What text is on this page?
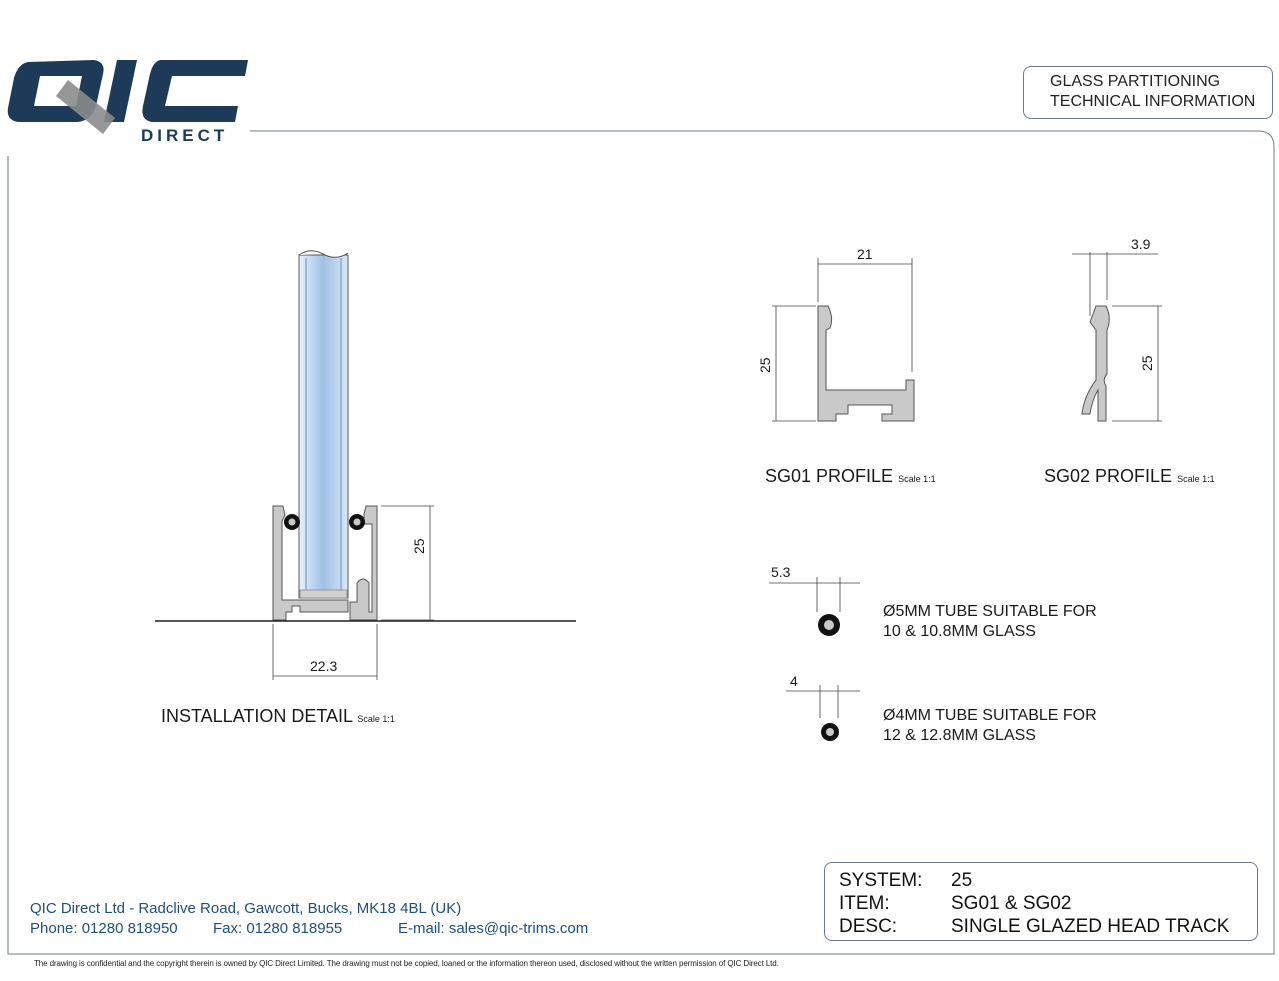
DIRECT
GLASS PARTITIONING
TECHNICAL INFORMATION
25
22.3
INSTALLATION DETAIL Scale 1:1
21
25
SG01 PROFILE Scale 1:1
3.9
25
SG02 PROFILE Scale 1:1
5.3
Ø5MM TUBE SUITABLE FOR
10 & 10.8MM GLASS
4
Ø4MM TUBE SUITABLE FOR
12 & 12.8MM GLASS
QIC Direct Ltd - Radclive Road, Gawcott, Bucks, MK18 4BL (UK)
Phone: 01280 818950 Fax: 01280 818955	E-mail: sales@qic-trims.com
SYSTEM: 25
ITEM:	SG01 & SG02
DESC:	SINGLE GLAZED HEAD TRACK
The drawing is confidential and the copyright therein is owned by QIC Direct Limited. The drawing must not be copied, loaned or the information thereon used, disclosed without the written permission of QIC Direct Ltd.
